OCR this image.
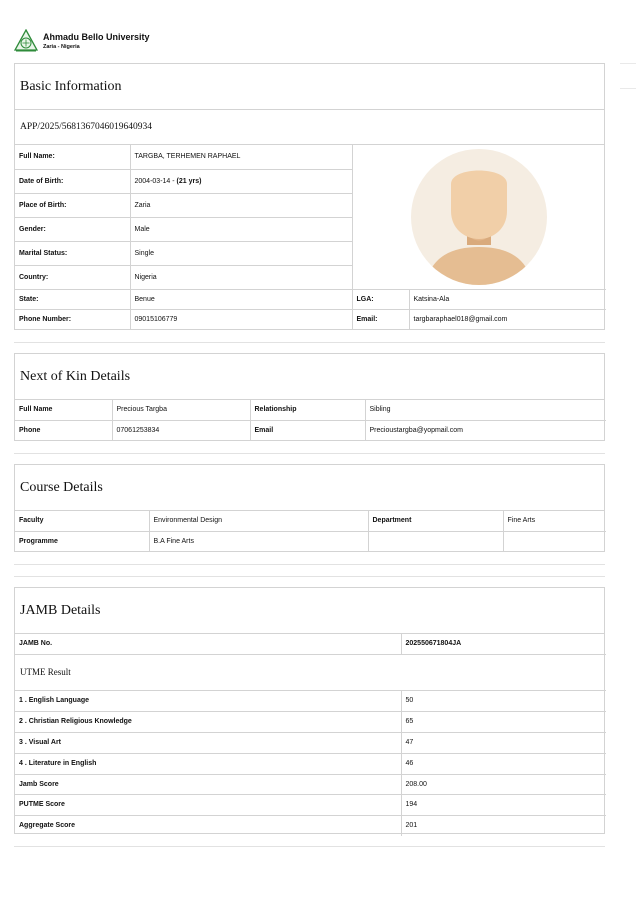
Ahmadu Bello University
Zaria - Nigeria
Basic Information
APP/2025/5681367046019640934
Full Name:	TARGBA, TERHEMEN RAPHAEL	

Date of Birth:	2004-03-14 - (21 yrs)		
Place of Birth:	Zaria		
Gender:	Male		
Marital Status:	Single		
Country:	Nigeria		
State:	Benue	LGA:	Katsina-Ala
Phone Number:	09015106779	Email:	targbaraphael018@gmail.com
Next of Kin Details
Full Name	Precious Targba	Relationship	Sibling
Phone	07061253834	Email	Precioustargba@yopmail.com
Course Details
Faculty	Environmental Design	Department	Fine Arts
Programme	B.A Fine Arts		
JAMB Details
JAMB No.	202550671804JA
UTME Result	
1 . English Language	50
2 . Christian Religious Knowledge	65
3 . Visual Art	47
4 . Literature in English	46
Jamb Score	208.00
PUTME Score	194
Aggregate Score	201
